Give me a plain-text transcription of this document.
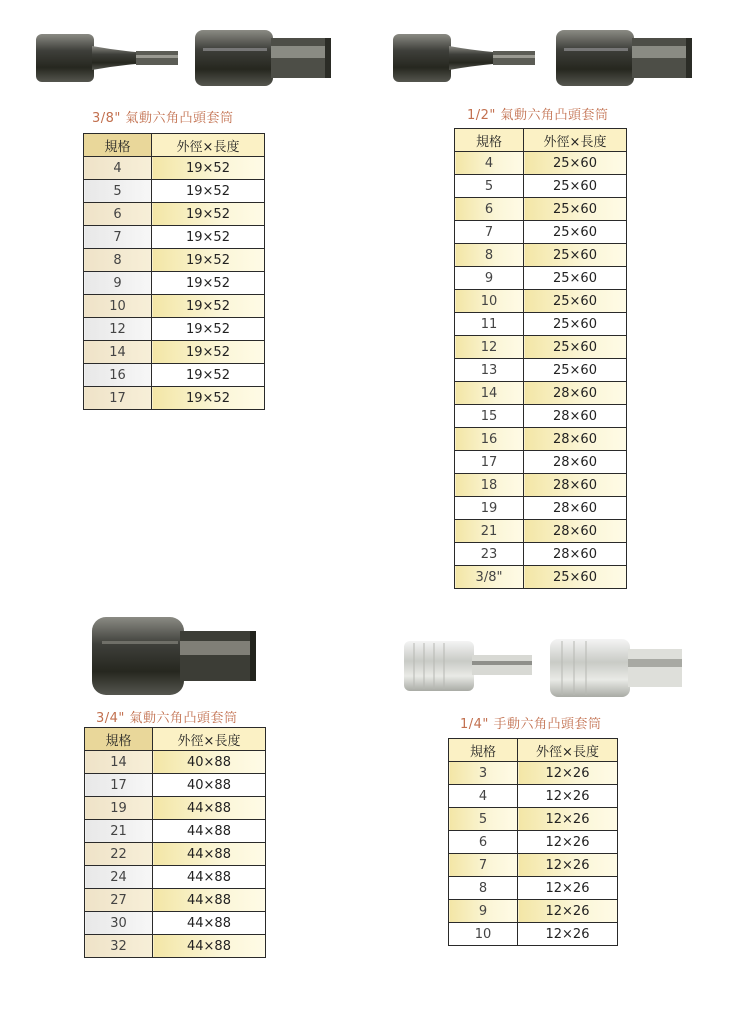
3/8" 氣動六角凸頭套筒
規格	外徑×長度
4	19×52
5	19×52
6	19×52
7	19×52
8	19×52
9	19×52
10	19×52
12	19×52
14	19×52
16	19×52
17	19×52
1/2" 氣動六角凸頭套筒
規格	外徑×長度
4	25×60
5	25×60
6	25×60
7	25×60
8	25×60
9	25×60
10	25×60
11	25×60
12	25×60
13	25×60
14	28×60
15	28×60
16	28×60
17	28×60
18	28×60
19	28×60
21	28×60
23	28×60
3/8"	25×60
3/4" 氣動六角凸頭套筒
規格	外徑×長度
14	40×88
17	40×88
19	44×88
21	44×88
22	44×88
24	44×88
27	44×88
30	44×88
32	44×88
1/4" 手動六角凸頭套筒
規格	外徑×長度
3	12×26
4	12×26
5	12×26
6	12×26
7	12×26
8	12×26
9	12×26
10	12×26
